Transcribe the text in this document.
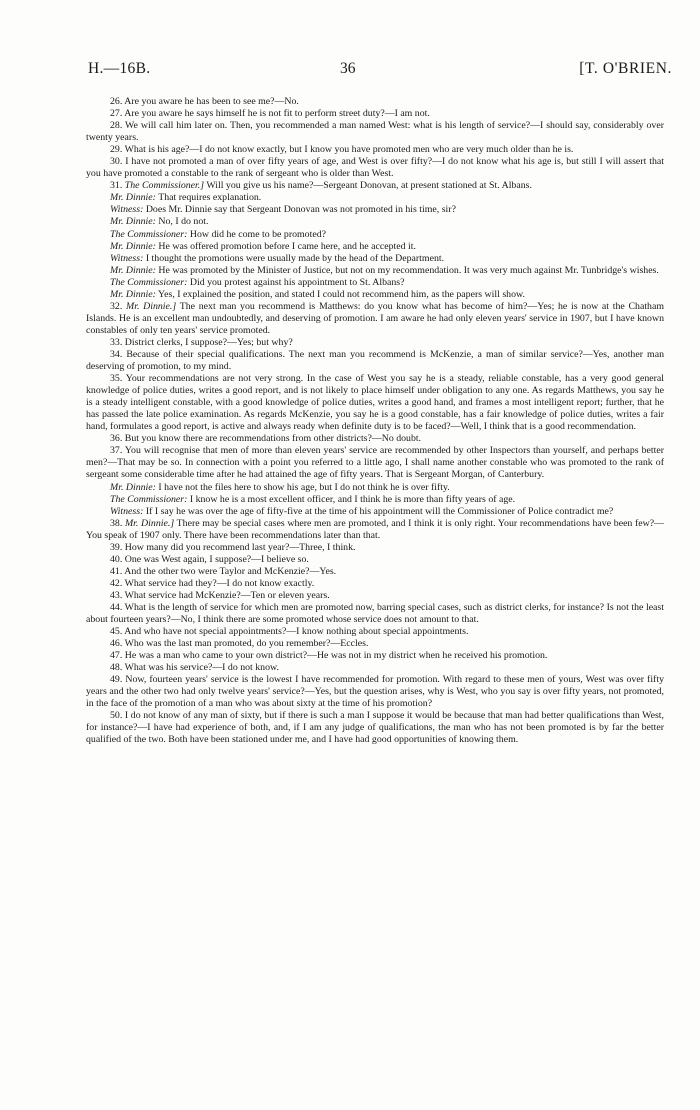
H.—16B.	36	[T. O'BRIEN.

26. Are you aware he has been to see me?—No.

27. Are you aware he says himself he is not fit to perform street duty?—I am not.

28. We will call him later on. Then, you recommended a man named West: what is his length of service?—I should say, considerably over twenty years.

29. What is his age?—I do not know exactly, but I know you have promoted men who are very much older than he is.

30. I have not promoted a man of over fifty years of age, and West is over fifty?—I do not know what his age is, but still I will assert that you have promoted a constable to the rank of sergeant who is older than West.

31. The Commissioner.] Will you give us his name?—Sergeant Donovan, at present stationed at St. Albans.

Mr. Dinnie: That requires explanation.

Witness: Does Mr. Dinnie say that Sergeant Donovan was not promoted in his time, sir?

Mr. Dinnie: No, I do not.

The Commissioner: How did he come to be promoted?

Mr. Dinnie: He was offered promotion before I came here, and he accepted it.

Witness: I thought the promotions were usually made by the head of the Department.

Mr. Dinnie: He was promoted by the Minister of Justice, but not on my recommendation. It was very much against Mr. Tunbridge's wishes.

The Commissioner: Did you protest against his appointment to St. Albans?

Mr. Dinnie: Yes, I explained the position, and stated I could not recommend him, as the papers will show.

32. Mr. Dinnie.] The next man you recommend is Matthews: do you know what has become of him?—Yes; he is now at the Chatham Islands. He is an excellent man undoubtedly, and deserving of promotion. I am aware he had only eleven years' service in 1907, but I have known constables of only ten years' service promoted.

33. District clerks, I suppose?—Yes; but why?

34. Because of their special qualifications. The next man you recommend is McKenzie, a man of similar service?—Yes, another man deserving of promotion, to my mind.

35. Your recommendations are not very strong. In the case of West you say he is a steady, reliable constable, has a very good general knowledge of police duties, writes a good report, and is not likely to place himself under obligation to any one. As regards Matthews, you say he is a steady intelligent constable, with a good knowledge of police duties, writes a good hand, and frames a most intelligent report; further, that he has passed the late police examination. As regards McKenzie, you say he is a good constable, has a fair knowledge of police duties, writes a fair hand, formulates a good report, is active and always ready when definite duty is to be faced?—Well, I think that is a good recommendation.

36. But you know there are recommendations from other districts?—No doubt.

37. You will recognise that men of more than eleven years' service are recommended by other Inspectors than yourself, and perhaps better men?—That may be so. In connection with a point you referred to a little ago, I shall name another constable who was promoted to the rank of sergeant some considerable time after he had attained the age of fifty years. That is Sergeant Morgan, of Canterbury.

Mr. Dinnie: I have not the files here to show his age, but I do not think he is over fifty.

The Commissioner: I know he is a most excellent officer, and I think he is more than fifty years of age.

Witness: If I say he was over the age of fifty-five at the time of his appointment will the Commissioner of Police contradict me?

38. Mr. Dinnie.] There may be special cases where men are promoted, and I think it is only right. Your recommendations have been few?—You speak of 1907 only. There have been recommendations later than that.

39. How many did you recommend last year?—Three, I think.

40. One was West again, I suppose?—I believe so.

41. And the other two were Taylor and McKenzie?—Yes.

42. What service had they?—I do not know exactly.

43. What service had McKenzie?—Ten or eleven years.

44. What is the length of service for which men are promoted now, barring special cases, such as district clerks, for instance? Is not the least about fourteen years?—No, I think there are some promoted whose service does not amount to that.

45. And who have not special appointments?—I know nothing about special appointments.

46. Who was the last man promoted, do you remember?—Eccles.

47. He was a man who came to your own district?—He was not in my district when he received his promotion.

48. What was his service?—I do not know.

49. Now, fourteen years' service is the lowest I have recommended for promotion. With regard to these men of yours, West was over fifty years and the other two had only twelve years' service?—Yes, but the question arises, why is West, who you say is over fifty years, not promoted, in the face of the promotion of a man who was about sixty at the time of his promotion?

50. I do not know of any man of sixty, but if there is such a man I suppose it would be because that man had better qualifications than West, for instance?—I have had experience of both, and, if I am any judge of qualifications, the man who has not been promoted is by far the better qualified of the two. Both have been stationed under me, and I have had good opportunities of knowing them.
